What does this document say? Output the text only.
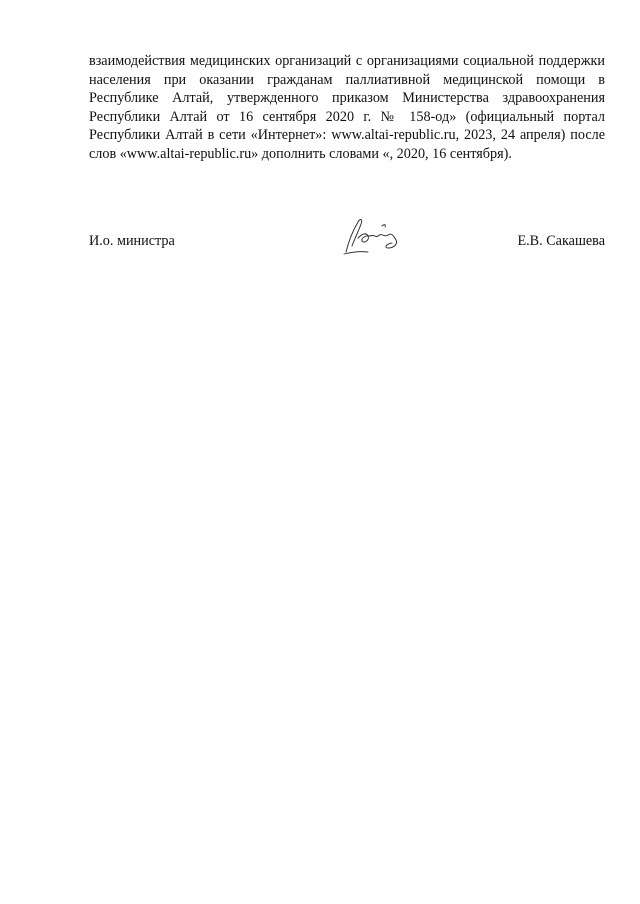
взаимодействия медицинских организаций с организациями социальной поддержки населения при оказании гражданам паллиативной медицинской помощи в Республике Алтай, утвержденного приказом Министерства здравоохранения Республики Алтай от 16 сентября 2020 г. № 158-од» (официальный портал Республики Алтай в сети «Интернет»: www.altai-republic.ru, 2023, 24 апреля) после слов «www.altai-republic.ru» дополнить словами «, 2020, 16 сентября).

И.о. министра	Е.В. Сакашева
